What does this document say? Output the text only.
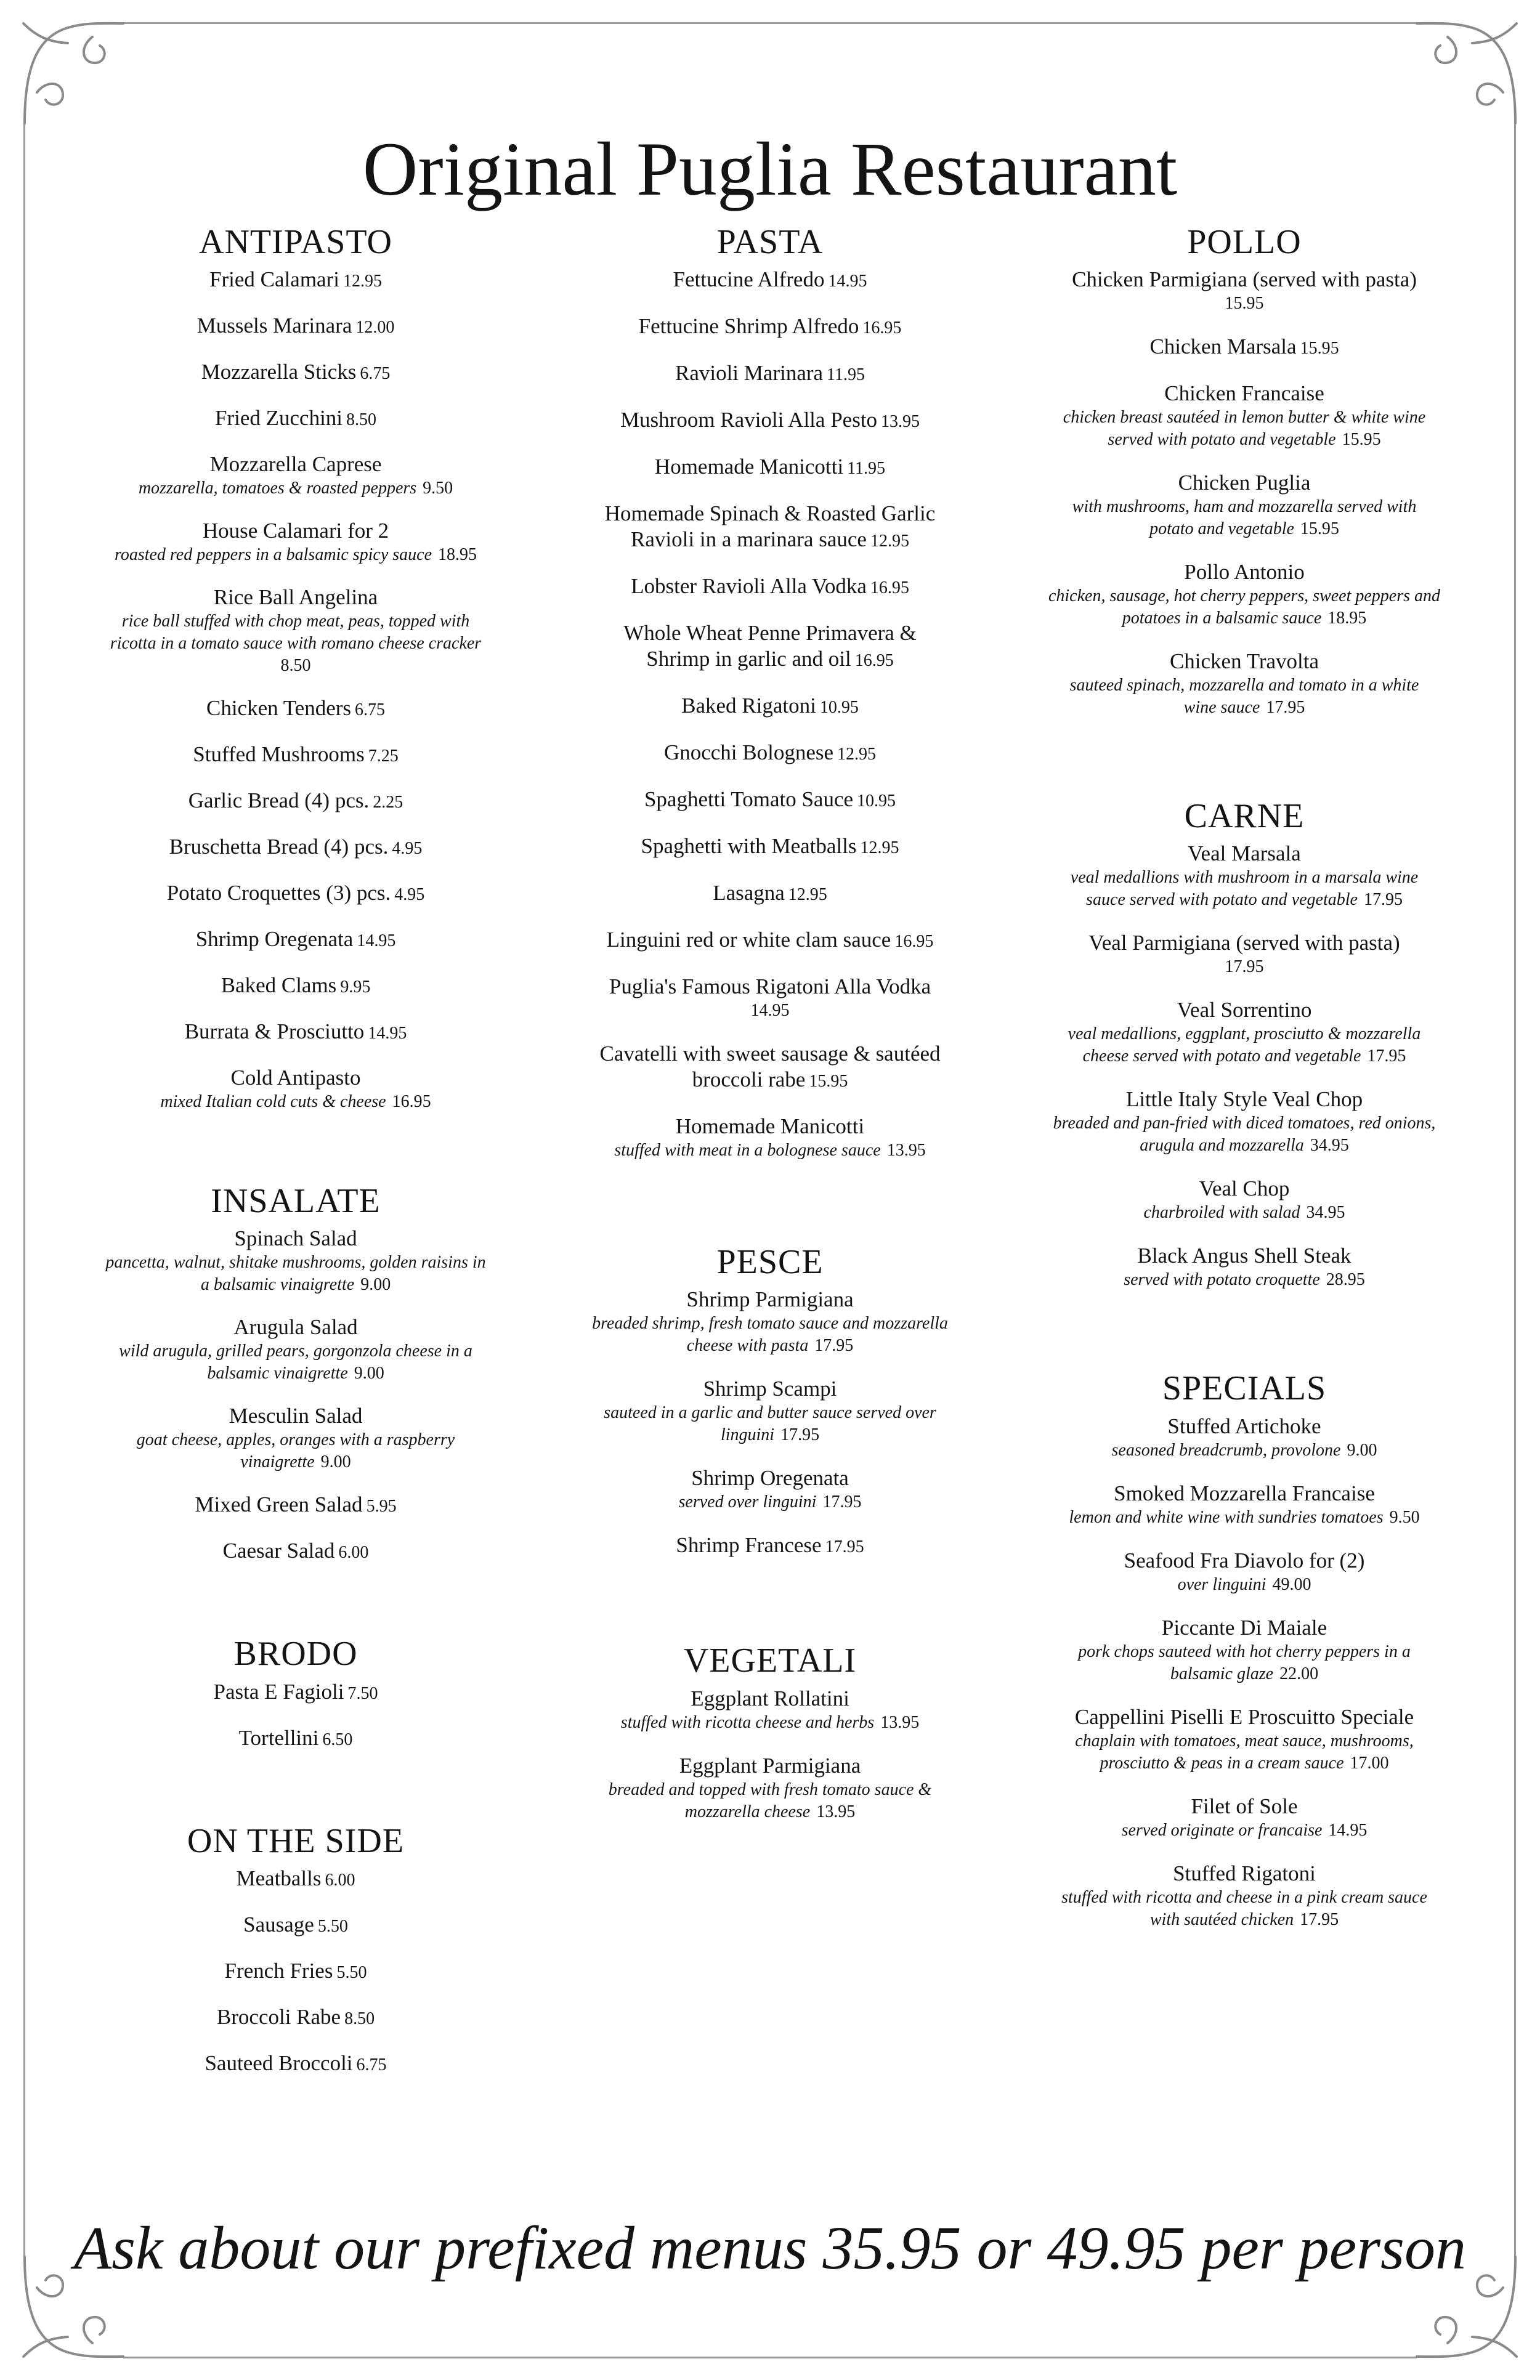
Original Puglia Restaurant
ANTIPASTO
Fried Calamari 12.95
Mussels Marinara 12.00
Mozzarella Sticks 6.75
Fried Zucchini 8.50
Mozzarella Caprese
mozzarella, tomatoes & roasted peppers 9.50
House Calamari for 2
roasted red peppers in a balsamic spicy sauce 18.95
Rice Ball Angelina
rice ball stuffed with chop meat, peas, topped with
ricotta in a tomato sauce with romano cheese cracker
8.50
Chicken Tenders 6.75
Stuffed Mushrooms 7.25
Garlic Bread (4) pcs. 2.25
Bruschetta Bread (4) pcs. 4.95
Potato Croquettes (3) pcs. 4.95
Shrimp Oregenata 14.95
Baked Clams 9.95
Burrata & Prosciutto 14.95
Cold Antipasto
mixed Italian cold cuts & cheese 16.95
INSALATE
Spinach Salad
pancetta, walnut, shitake mushrooms, golden raisins in
a balsamic vinaigrette 9.00
Arugula Salad
wild arugula, grilled pears, gorgonzola cheese in a
balsamic vinaigrette 9.00
Mesculin Salad
goat cheese, apples, oranges with a raspberry
vinaigrette 9.00
Mixed Green Salad 5.95
Caesar Salad 6.00
BRODO
Pasta E Fagioli 7.50
Tortellini 6.50
ON THE SIDE
Meatballs 6.00
Sausage 5.50
French Fries 5.50
Broccoli Rabe 8.50
Sauteed Broccoli 6.75
PASTA
Fettucine Alfredo 14.95
Fettucine Shrimp Alfredo 16.95
Ravioli Marinara 11.95
Mushroom Ravioli Alla Pesto 13.95
Homemade Manicotti 11.95
Homemade Spinach & Roasted Garlic
Ravioli in a marinara sauce 12.95
Lobster Ravioli Alla Vodka 16.95
Whole Wheat Penne Primavera &
Shrimp in garlic and oil 16.95
Baked Rigatoni 10.95
Gnocchi Bolognese 12.95
Spaghetti Tomato Sauce 10.95
Spaghetti with Meatballs 12.95
Lasagna 12.95
Linguini red or white clam sauce 16.95
Puglia's Famous Rigatoni Alla Vodka
14.95
Cavatelli with sweet sausage & sautéed
broccoli rabe 15.95
Homemade Manicotti
stuffed with meat in a bolognese sauce 13.95
PESCE
Shrimp Parmigiana
breaded shrimp, fresh tomato sauce and mozzarella
cheese with pasta 17.95
Shrimp Scampi
sauteed in a garlic and butter sauce served over
linguini 17.95
Shrimp Oregenata
served over linguini 17.95
Shrimp Francese 17.95
VEGETALI
Eggplant Rollatini
stuffed with ricotta cheese and herbs 13.95
Eggplant Parmigiana
breaded and topped with fresh tomato sauce &
mozzarella cheese 13.95
POLLO
Chicken Parmigiana (served with pasta)
15.95
Chicken Marsala 15.95
Chicken Francaise
chicken breast sautéed in lemon butter & white wine
served with potato and vegetable 15.95
Chicken Puglia
with mushrooms, ham and mozzarella served with
potato and vegetable 15.95
Pollo Antonio
chicken, sausage, hot cherry peppers, sweet peppers and
potatoes in a balsamic sauce 18.95
Chicken Travolta
sauteed spinach, mozzarella and tomato in a white
wine sauce 17.95
CARNE
Veal Marsala
veal medallions with mushroom in a marsala wine
sauce served with potato and vegetable 17.95
Veal Parmigiana (served with pasta)
17.95
Veal Sorrentino
veal medallions, eggplant, prosciutto & mozzarella
cheese served with potato and vegetable 17.95
Little Italy Style Veal Chop
breaded and pan-fried with diced tomatoes, red onions,
arugula and mozzarella 34.95
Veal Chop
charbroiled with salad 34.95
Black Angus Shell Steak
served with potato croquette 28.95
SPECIALS
Stuffed Artichoke
seasoned breadcrumb, provolone 9.00
Smoked Mozzarella Francaise
lemon and white wine with sundries tomatoes 9.50
Seafood Fra Diavolo for (2)
over linguini 49.00
Piccante Di Maiale
pork chops sauteed with hot cherry peppers in a
balsamic glaze 22.00
Cappellini Piselli E Proscuitto Speciale
chaplain with tomatoes, meat sauce, mushrooms,
prosciutto & peas in a cream sauce 17.00
Filet of Sole
served originate or francaise 14.95
Stuffed Rigatoni
stuffed with ricotta and cheese in a pink cream sauce
with sautéed chicken 17.95
Ask about our prefixed menus 35.95 or 49.95 per person
